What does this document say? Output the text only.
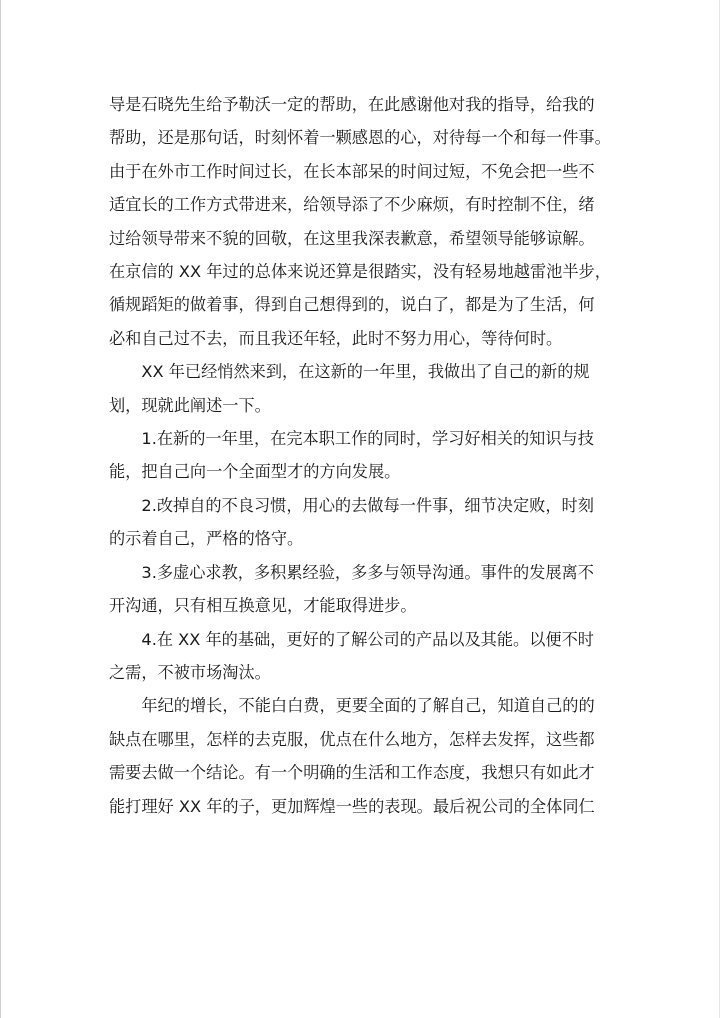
导是石晓先生给予勒沃一定的帮助，在此感谢他对我的指导，给我的
帮助，还是那句话，时刻怀着一颗感恩的心，对待每一个和每一件事。
由于在外市工作时间过长，在长本部呆的时间过短，不免会把一些不
适宜长的工作方式带进来，给领导添了不少麻烦，有时控制不住，绪
过给领导带来不貌的回敬，在这里我深表歉意，希望领导能够谅解。
在京信的 XX 年过的总体来说还算是很踏实，没有轻易地越雷池半步，
循规蹈矩的做着事，得到自己想得到的，说白了，都是为了生活，何
必和自己过不去，而且我还年轻，此时不努力用心，等待何时。

XX 年已经悄然来到，在这新的一年里，我做出了自己的新的规
划，现就此阐述一下。

1.在新的一年里，在完本职工作的同时，学习好相关的知识与技
能，把自己向一个全面型才的方向发展。

2.改掉自的不良习惯，用心的去做每一件事，细节决定败，时刻
的示着自己，严格的恪守。

3.多虚心求教，多积累经验，多多与领导沟通。事件的发展离不
开沟通，只有相互换意见，才能取得进步。

4.在 XX 年的基础，更好的了解公司的产品以及其能。以便不时
之需，不被市场淘汰。

年纪的增长，不能白白费，更要全面的了解自己，知道自己的的
缺点在哪里，怎样的去克服，优点在什么地方，怎样去发挥，这些都
需要去做一个结论。有一个明确的生活和工作态度，我想只有如此才
能打理好 XX 年的子，更加辉煌一些的表现。最后祝公司的全体同仁
